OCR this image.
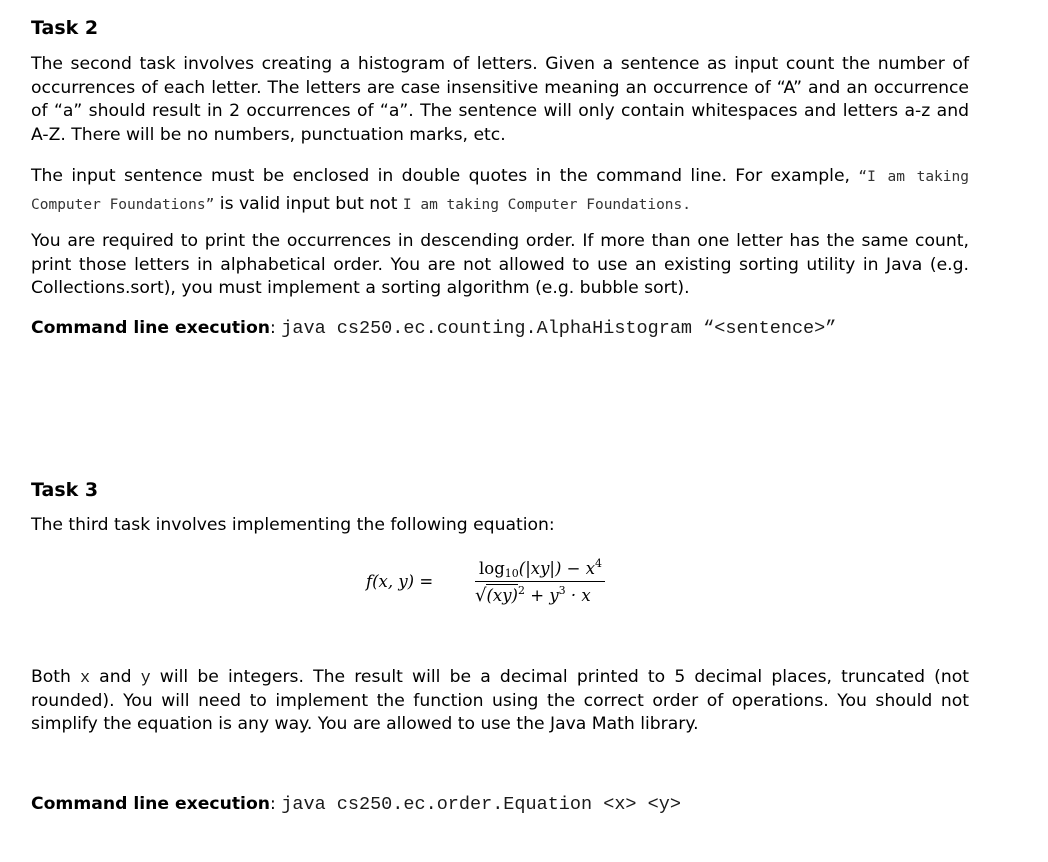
Task 2

The second task involves creating a histogram of letters. Given a sentence as input count the number of occurrences of each letter. The letters are case insensitive meaning an occurrence of “A” and an occurrence of “a” should result in 2 occurrences of “a”. The sentence will only contain whitespaces and letters a-z and A-Z. There will be no numbers, punctuation marks, etc.

The input sentence must be enclosed in double quotes in the command line. For example, “I am taking Computer Foundations” is valid input but not I am taking Computer Foundations.

You are required to print the occurrences in descending order. If more than one letter has the same count, print those letters in alphabetical order. You are not allowed to use an existing sorting utility in Java (e.g. Collections.sort), you must implement a sorting algorithm (e.g. bubble sort).

Command line execution: java cs250.ec.counting.AlphaHistogram “<sentence>”

Task 3

The third task involves implementing the following equation:

f(x, y) =
$\log_{10}(|xy|) - x^4$
$√(xy)^2 + y^3 \cdot x$

Both x and y will be integers. The result will be a decimal printed to 5 decimal places, truncated (not rounded). You will need to implement the function using the correct order of operations. You should not simplify the equation is any way. You are allowed to use the Java Math library.

Command line execution: java cs250.ec.order.Equation <x> <y>
